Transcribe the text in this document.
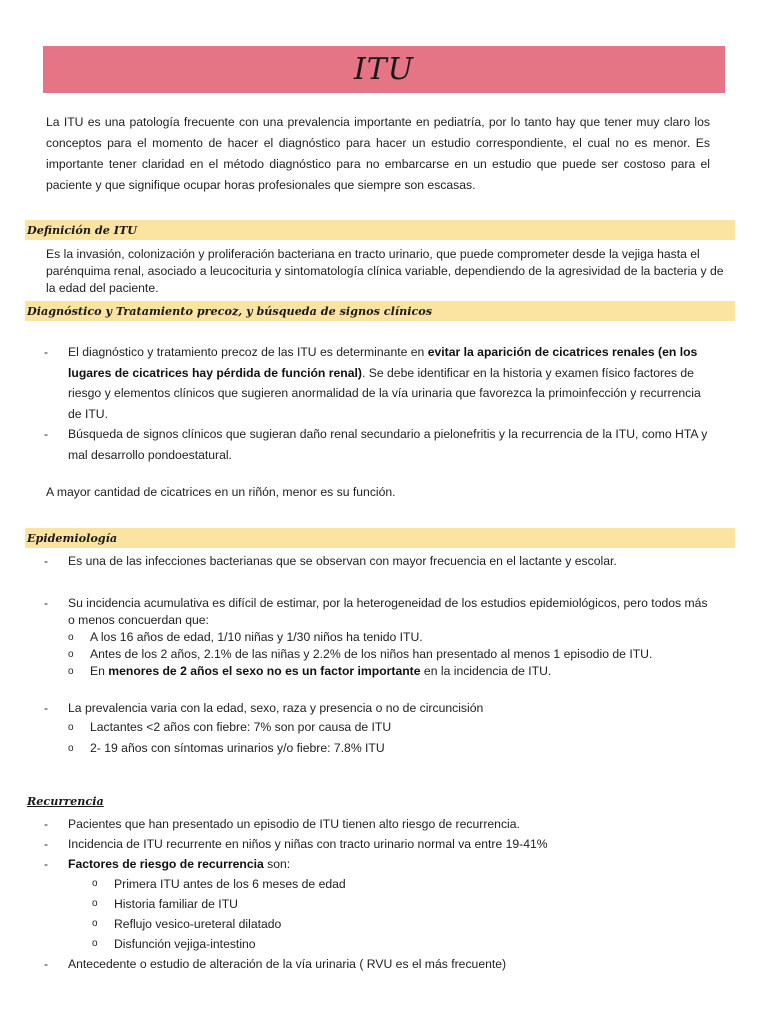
ITU
La ITU es una patología frecuente con una prevalencia importante en pediatría, por lo tanto hay que tener muy claro los conceptos para el momento de hacer el diagnóstico para hacer un estudio correspondiente, el cual no es menor. Es importante tener claridad en el método diagnóstico para no embarcarse en un estudio que puede ser costoso para el paciente y que signifique ocupar horas profesionales que siempre son escasas.
Definición de ITU
Es la invasión, colonización y proliferación bacteriana en tracto urinario, que puede comprometer desde la vejiga hasta el parénquima renal, asociado a leucocituria y sintomatología clínica variable, dependiendo de la agresividad de la bacteria y de la edad del paciente.
Diagnóstico y Tratamiento precoz, y búsqueda de signos clínicos
- El diagnóstico y tratamiento precoz de las ITU es determinante en evitar la aparición de cicatrices renales (en los lugares de cicatrices hay pérdida de función renal). Se debe identificar en la historia y examen físico factores de riesgo y elementos clínicos que sugieren anormalidad de la vía urinaria que favorezca la primoinfección y recurrencia de ITU.
- Búsqueda de signos clínicos que sugieran daño renal secundario a pielonefritis y la recurrencia de la ITU, como HTA y mal desarrollo pondoestatural.
A mayor cantidad de cicatrices en un riñón, menor es su función.
Epidemiología
- Es una de las infecciones bacterianas que se observan con mayor frecuencia en el lactante y escolar.
- Su incidencia acumulativa es difícil de estimar, por la heterogeneidad de los estudios epidemiológicos, pero todos más o menos concuerdan que:
o A los 16 años de edad, 1/10 niñas y 1/30 niños ha tenido ITU.
o Antes de los 2 años, 2.1% de las niñas y 2.2% de los niños han presentado al menos 1 episodio de ITU.
o En menores de 2 años el sexo no es un factor importante en la incidencia de ITU.
- La prevalencia varia con la edad, sexo, raza y presencia o no de circuncisión
o Lactantes <2 años con fiebre: 7% son por causa de ITU
o 2- 19 años con síntomas urinarios y/o fiebre: 7.8% ITU
Recurrencia
- Pacientes que han presentado un episodio de ITU tienen alto riesgo de recurrencia.
- Incidencia de ITU recurrente en niños y niñas con tracto urinario normal va entre 19-41%
- Factores de riesgo de recurrencia son:
o Primera ITU antes de los 6 meses de edad
o Historia familiar de ITU
o Reflujo vesico-ureteral dilatado
o Disfunción vejiga-intestino
- Antecedente o estudio de alteración de la vía urinaria ( RVU es el más frecuente)
